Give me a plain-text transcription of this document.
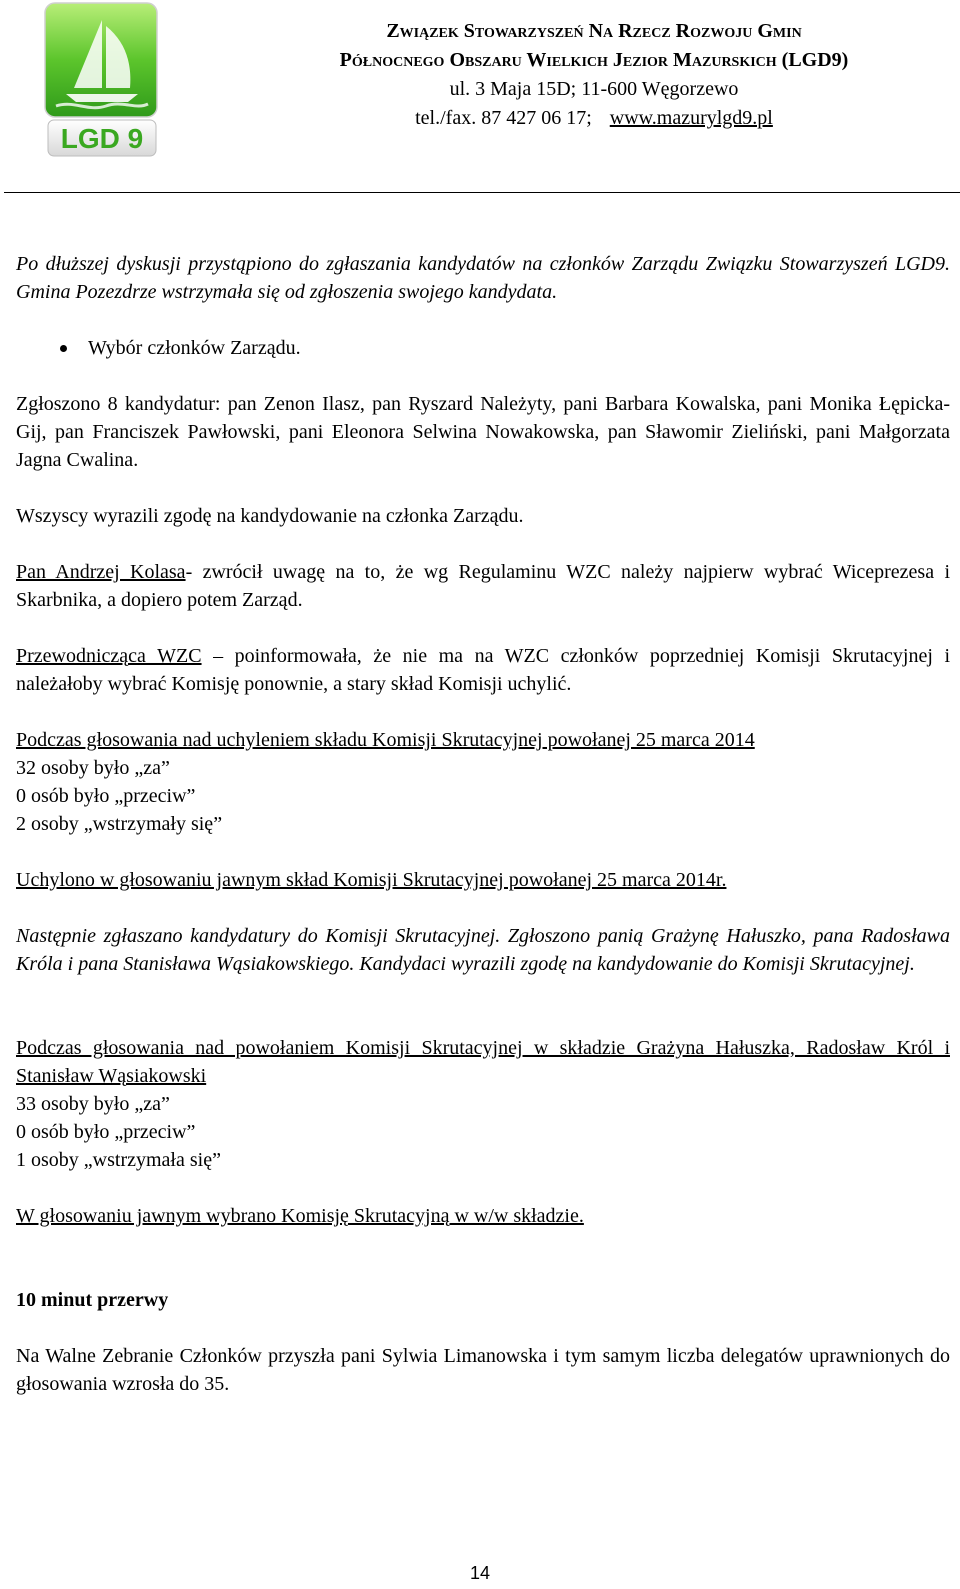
LGD 9
Związek Stowarzyszeń Na Rzecz Rozwoju Gmin
Północnego Obszaru Wielkich Jezior Mazurskich (LGD9)
ul. 3 Maja 15D; 11-600 Węgorzewo
tel./fax. 87 427 06 17; www.mazurylgd9.pl

Po dłuższej dyskusji przystąpiono do zgłaszania kandydatów na członków Zarządu Związku Stowarzyszeń LGD9. Gmina Pozezdrze wstrzymała się od zgłoszenia swojego kandydata.

Wybór członków Zarządu.

Zgłoszono 8 kandydatur: pan Zenon Ilasz, pan Ryszard Należyty, pani Barbara Kowalska, pani Monika Łępicka- Gij, pan Franciszek Pawłowski, pani Eleonora Selwina Nowakowska, pan Sławomir Zieliński, pani Małgorzata Jagna Cwalina.

Wszyscy wyrazili zgodę na kandydowanie na członka Zarządu.

Pan Andrzej Kolasa- zwrócił uwagę na to, że wg Regulaminu WZC należy najpierw wybrać Wiceprezesa i Skarbnika, a dopiero potem Zarząd.

Przewodnicząca WZC – poinformowała, że nie ma na WZC członków poprzedniej Komisji Skrutacyjnej i należałoby wybrać Komisję ponownie, a stary skład Komisji uchylić.

Podczas głosowania nad uchyleniem składu Komisji Skrutacyjnej powołanej 25 marca 2014

32 osoby było „za”

0 osób było „przeciw”

2 osoby „wstrzymały się”

Uchylono w głosowaniu jawnym skład Komisji Skrutacyjnej powołanej 25 marca 2014r.

Następnie zgłaszano kandydatury do Komisji Skrutacyjnej. Zgłoszono panią Grażynę Hałuszko, pana Radosława Króla i pana Stanisława Wąsiakowskiego. Kandydaci wyrazili zgodę na kandydowanie do Komisji Skrutacyjnej.

Podczas głosowania nad powołaniem Komisji Skrutacyjnej w składzie Grażyna Hałuszka, Radosław Król i Stanisław Wąsiakowski

33 osoby było „za”

0 osób było „przeciw”

1 osoby „wstrzymała się”

W głosowaniu jawnym wybrano Komisję Skrutacyjną w w/w składzie.

10 minut przerwy

Na Walne Zebranie Członków przyszła pani Sylwia Limanowska i tym samym liczba delegatów uprawnionych do głosowania wzrosła do 35.

14
